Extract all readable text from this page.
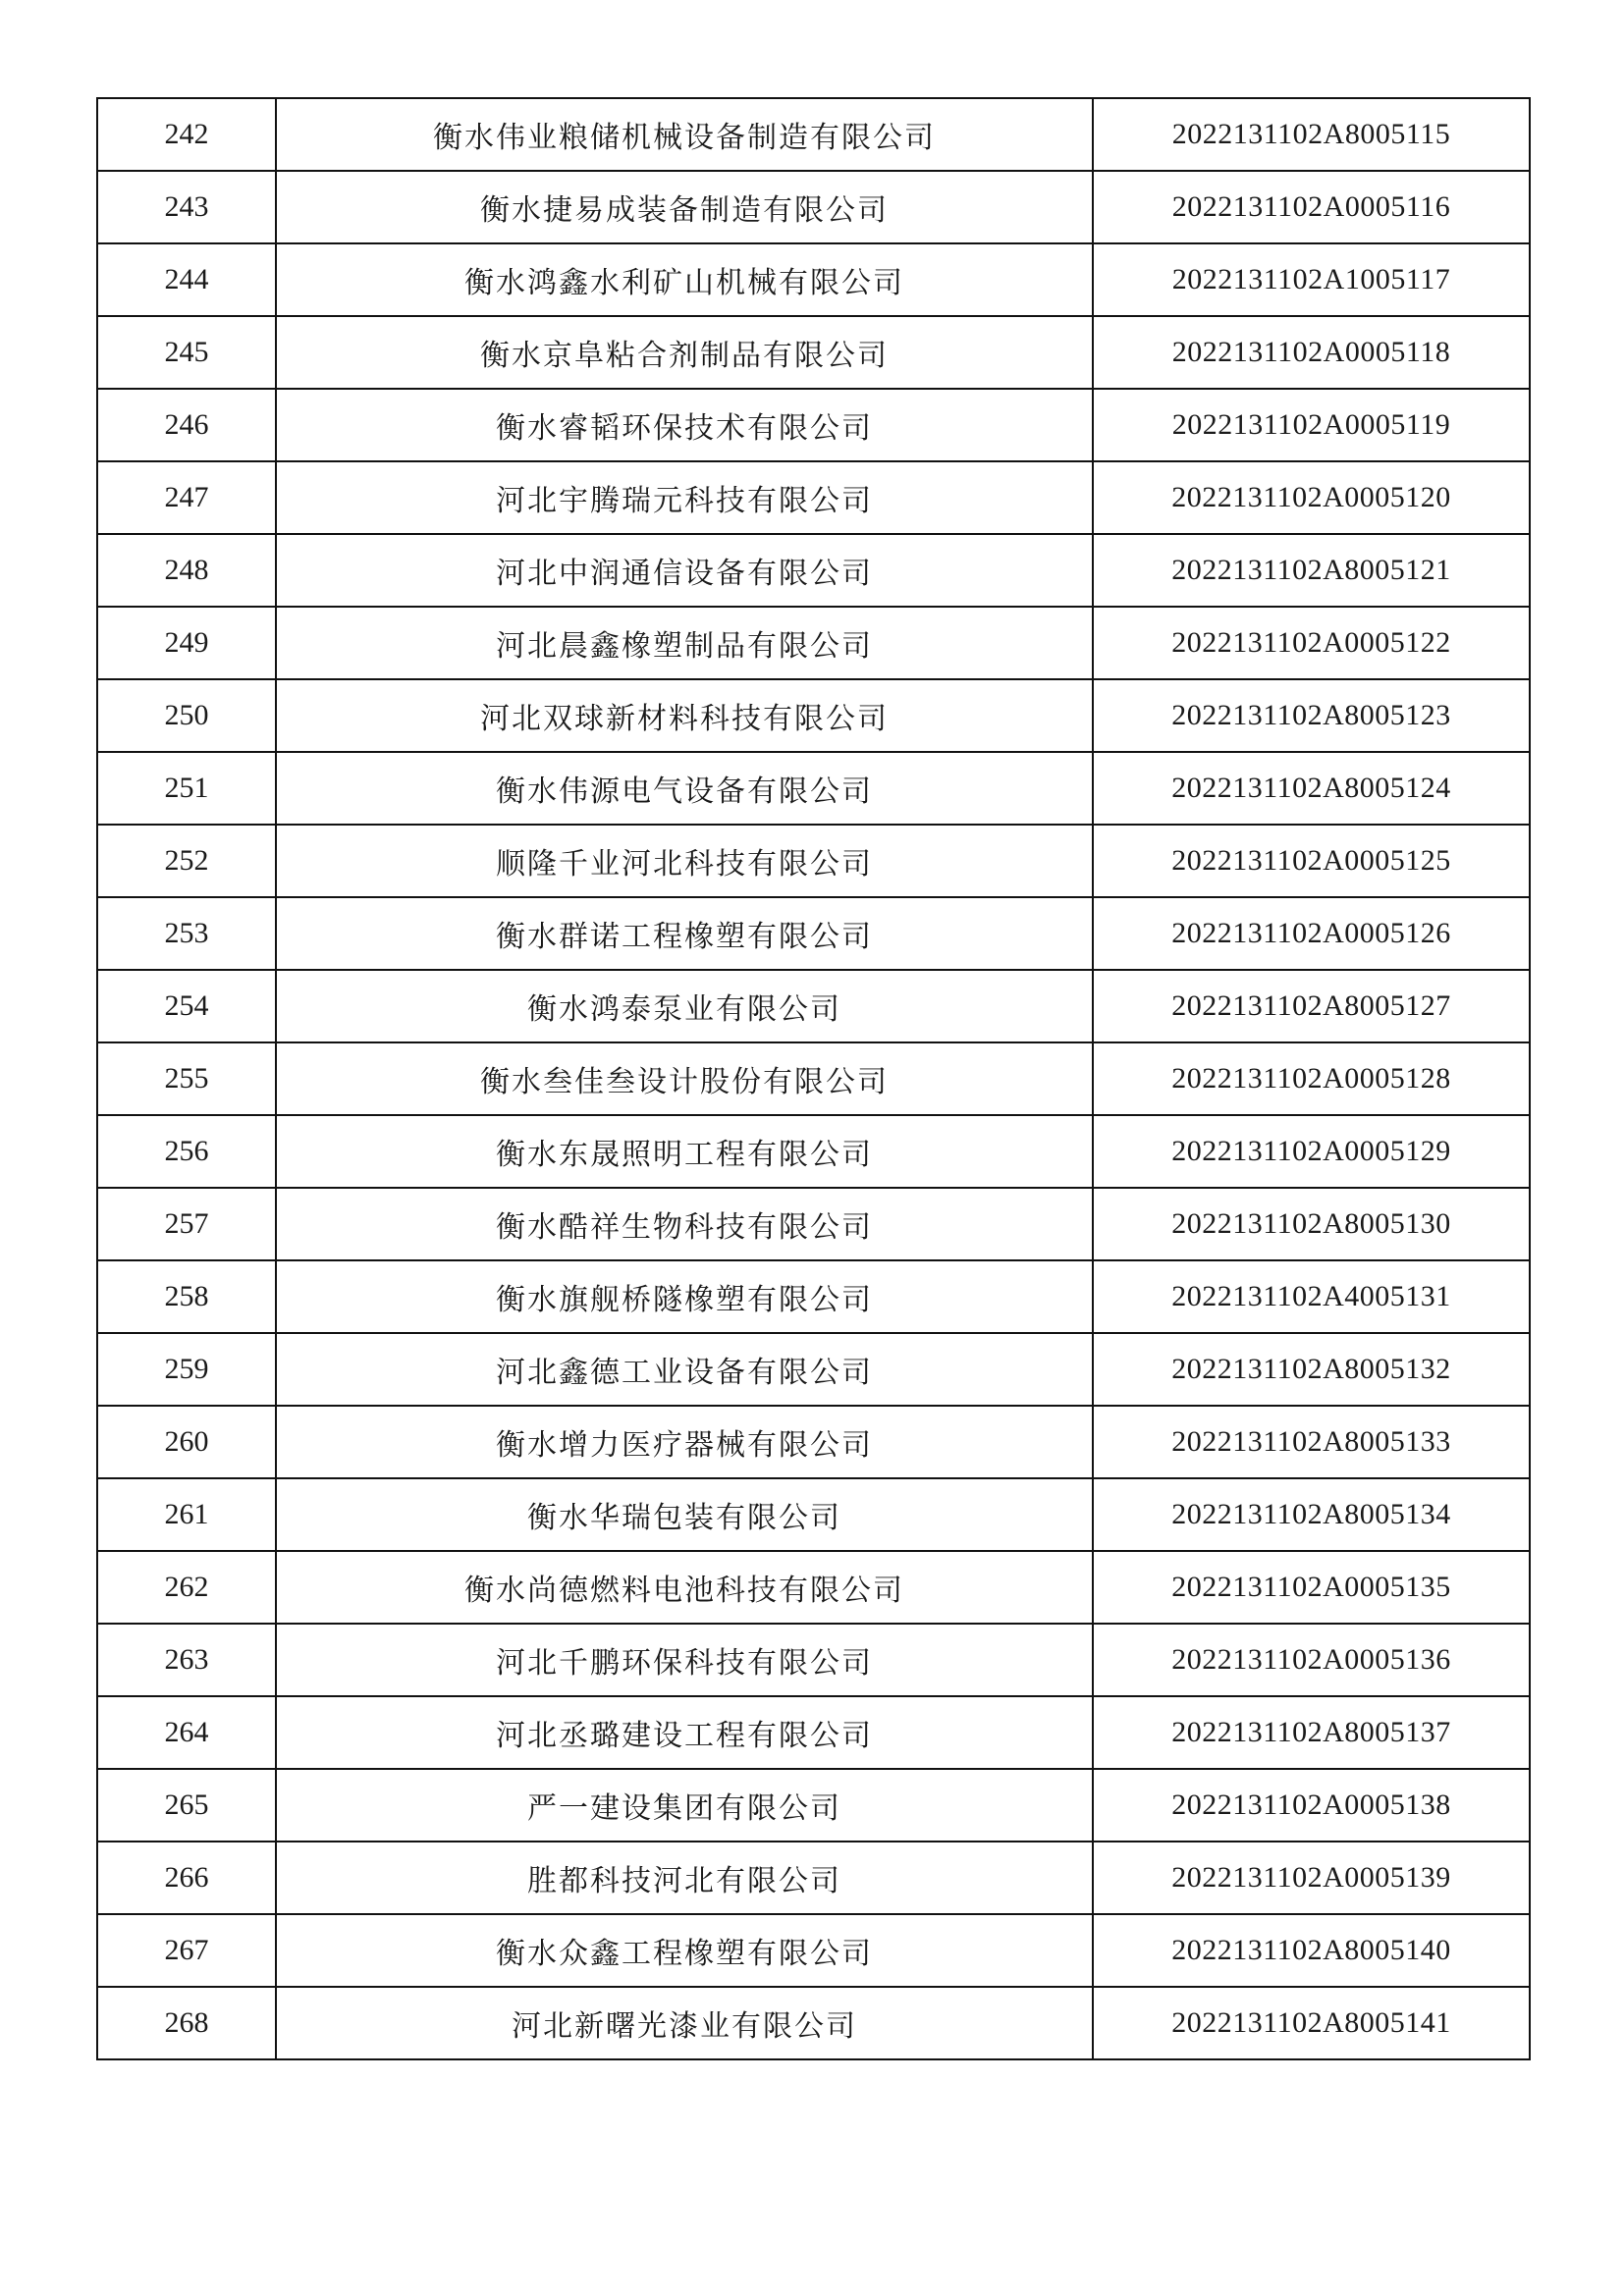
242	衡水伟业粮储机械设备制造有限公司	2022131102A8005115
243	衡水捷易成装备制造有限公司	2022131102A0005116
244	衡水鸿鑫水利矿山机械有限公司	2022131102A1005117
245	衡水京阜粘合剂制品有限公司	2022131102A0005118
246	衡水睿韬环保技术有限公司	2022131102A0005119
247	河北宇腾瑞元科技有限公司	2022131102A0005120
248	河北中润通信设备有限公司	2022131102A8005121
249	河北晨鑫橡塑制品有限公司	2022131102A0005122
250	河北双球新材料科技有限公司	2022131102A8005123
251	衡水伟源电气设备有限公司	2022131102A8005124
252	顺隆千业河北科技有限公司	2022131102A0005125
253	衡水群诺工程橡塑有限公司	2022131102A0005126
254	衡水鸿泰泵业有限公司	2022131102A8005127
255	衡水叁佳叁设计股份有限公司	2022131102A0005128
256	衡水东晟照明工程有限公司	2022131102A0005129
257	衡水酷祥生物科技有限公司	2022131102A8005130
258	衡水旗舰桥隧橡塑有限公司	2022131102A4005131
259	河北鑫德工业设备有限公司	2022131102A8005132
260	衡水增力医疗器械有限公司	2022131102A8005133
261	衡水华瑞包装有限公司	2022131102A8005134
262	衡水尚德燃料电池科技有限公司	2022131102A0005135
263	河北千鹏环保科技有限公司	2022131102A0005136
264	河北丞璐建设工程有限公司	2022131102A8005137
265	严一建设集团有限公司	2022131102A0005138
266	胜都科技河北有限公司	2022131102A0005139
267	衡水众鑫工程橡塑有限公司	2022131102A8005140
268	河北新曙光漆业有限公司	2022131102A8005141
